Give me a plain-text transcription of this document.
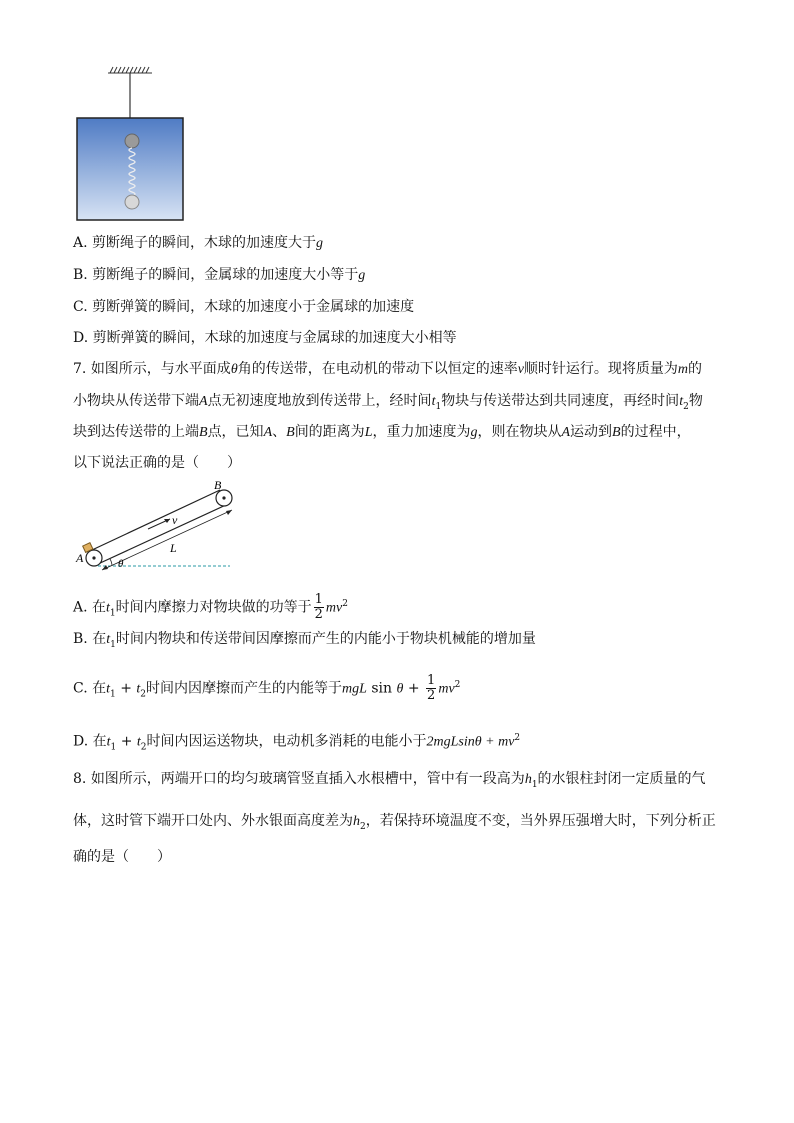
A. 剪断绳子的瞬间，木球的加速度大于g
B. 剪断绳子的瞬间，金属球的加速度大小等于g
C. 剪断弹簧的瞬间，木球的加速度小于金属球的加速度
D. 剪断弹簧的瞬间，木球的加速度与金属球的加速度大小相等
7. 如图所示，与水平面成θ角的传送带，在电动机的带动下以恒定的速率v顺时针运行。现将质量为m的
小物块从传送带下端A点无初速度地放到传送带上，经时间$t_1$物块与传送带达到共同速度，再经时间$t_2$物
块到达传送带的上端B点，已知A、B间的距离为L，重力加速度为g，则在物块从A运动到B的过程中，
以下说法正确的是（　　）
A
B
v
L
θ
A. 在$t_1$时间内摩擦力对物块做的功等于 $\frac{1}{2} mv^2$
B. 在$t_1$时间内物块和传送带间因摩擦而产生的内能小于物块机械能的增加量
C. 在$t_1 + t_2$时间内因摩擦而产生的内能等于mgL $\sin \theta + \frac{1}{2} mv^2$
D. 在$t_1 + t_2$时间内因运送物块，电动机多消耗的电能小于$2mgLsin\theta + mv^2$
8. 如图所示，两端开口的均匀玻璃管竖直插入水根槽中，管中有一段高为$h_1$的水银柱封闭一定质量的气
体，这时管下端开口处内、外水银面高度差为$h_2$，若保持环境温度不变，当外界压强增大时，下列分析正
确的是（　　）
